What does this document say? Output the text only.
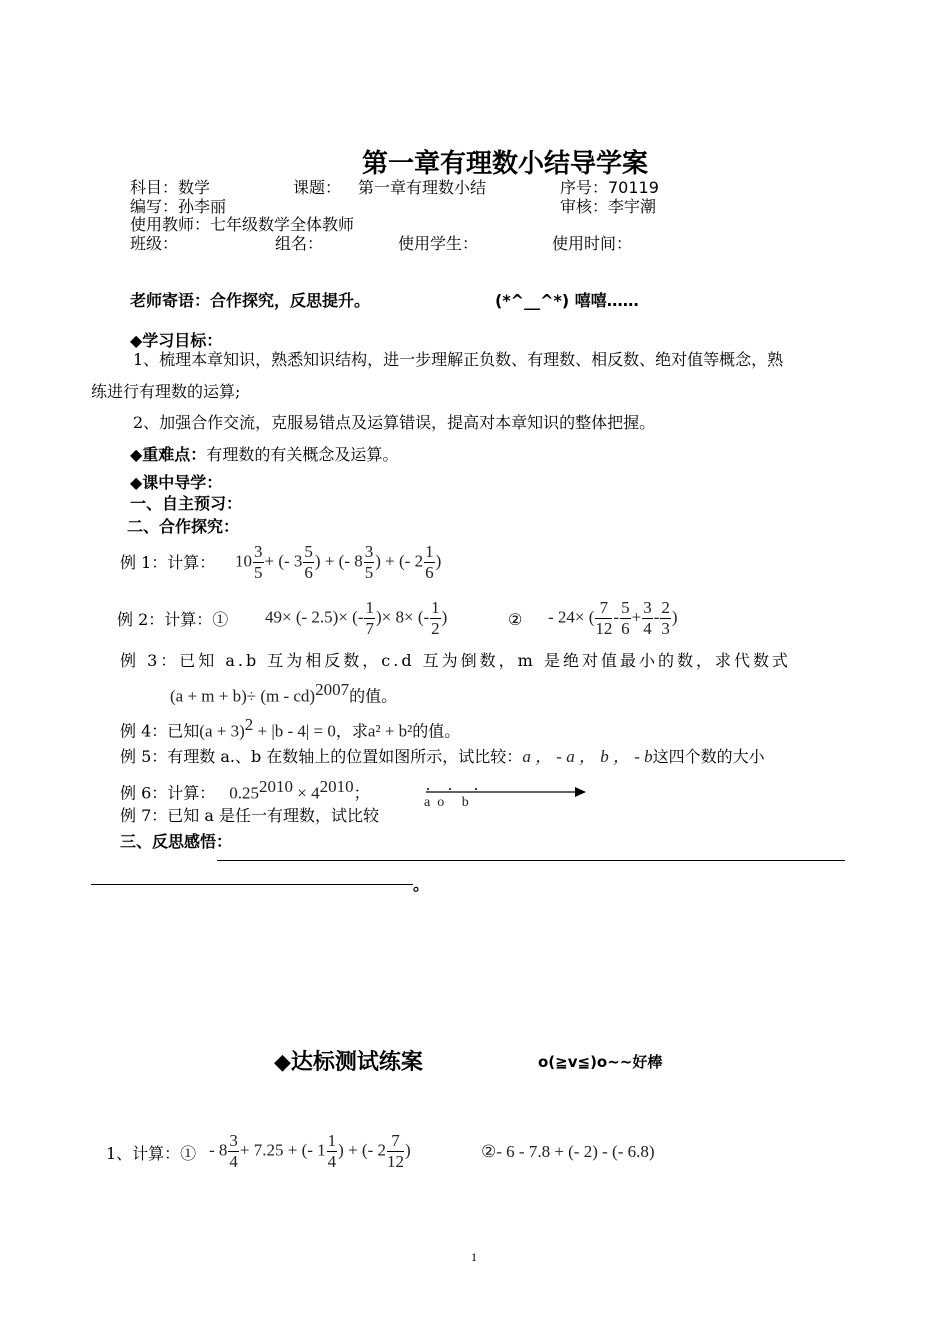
第一章有理数小结导学案
科目：数学	课题： 第一章有理数小结	序号：70119
编写：孙李丽	审核：李宇潮
使用教师：七年级数学全体教师
班级：	组名：	使用学生：	使用时间：
老师寄语：合作探究，反思提升。	(*^__^*) 嘻嘻……
◆学习目标：
1、梳理本章知识，熟悉知识结构，进一步理解正负数、有理数、相反数、绝对值等概念，熟
练进行有理数的运算;
2、加强合作交流，克服易错点及运算错误，提高对本章知识的整体把握。
◆重难点：有理数的有关概念及运算。
◆课中导学：
一、自主预习：
二、合作探究：
例 1：计算： $10 \frac{3}{5}$ + (- $3 \frac{5}{6}$ ) + (- $8 \frac{3}{5}$ ) + (- $2 \frac{1}{6}$ )
例 2：计算：① 49× (- 2.5)× (- $\frac{1}{7}$ )× 8× (- $\frac{1}{2}$ )	② - 24× ( $\frac{7}{12} - \frac{5}{6} + \frac{3}{4} - \frac{2}{3}$ )
例 3：已知 a.b 互为相反数，c.d 互为倒数，m 是绝对值最小的数，求代数式
(a + m + b)÷ (m - cd)$^{2007}$的值。
例 4：已知$(a + 3)^2 + |b - 4| = 0$，求a² + b²的值。
例 5：有理数 a.、b 在数轴上的位置如图所示，试比较：a ， - a ， b ， - b这四个数的大小
例 6：计算： $0.25^{2010} \times 4^{2010}$；
a  o     b
例 7：已知 a 是任一有理数，试比较
三、反思感悟：
。
◆达标测试练案	o(≧v≦)o~~好棒
1、计算：① - $8 \frac{3}{4} + 7.25$ + (- $1 \frac{1}{4}$ ) + (- $2 \frac{7}{12}$ )	②- 6 - 7.8 + (- 2) - (- 6.8)
1
